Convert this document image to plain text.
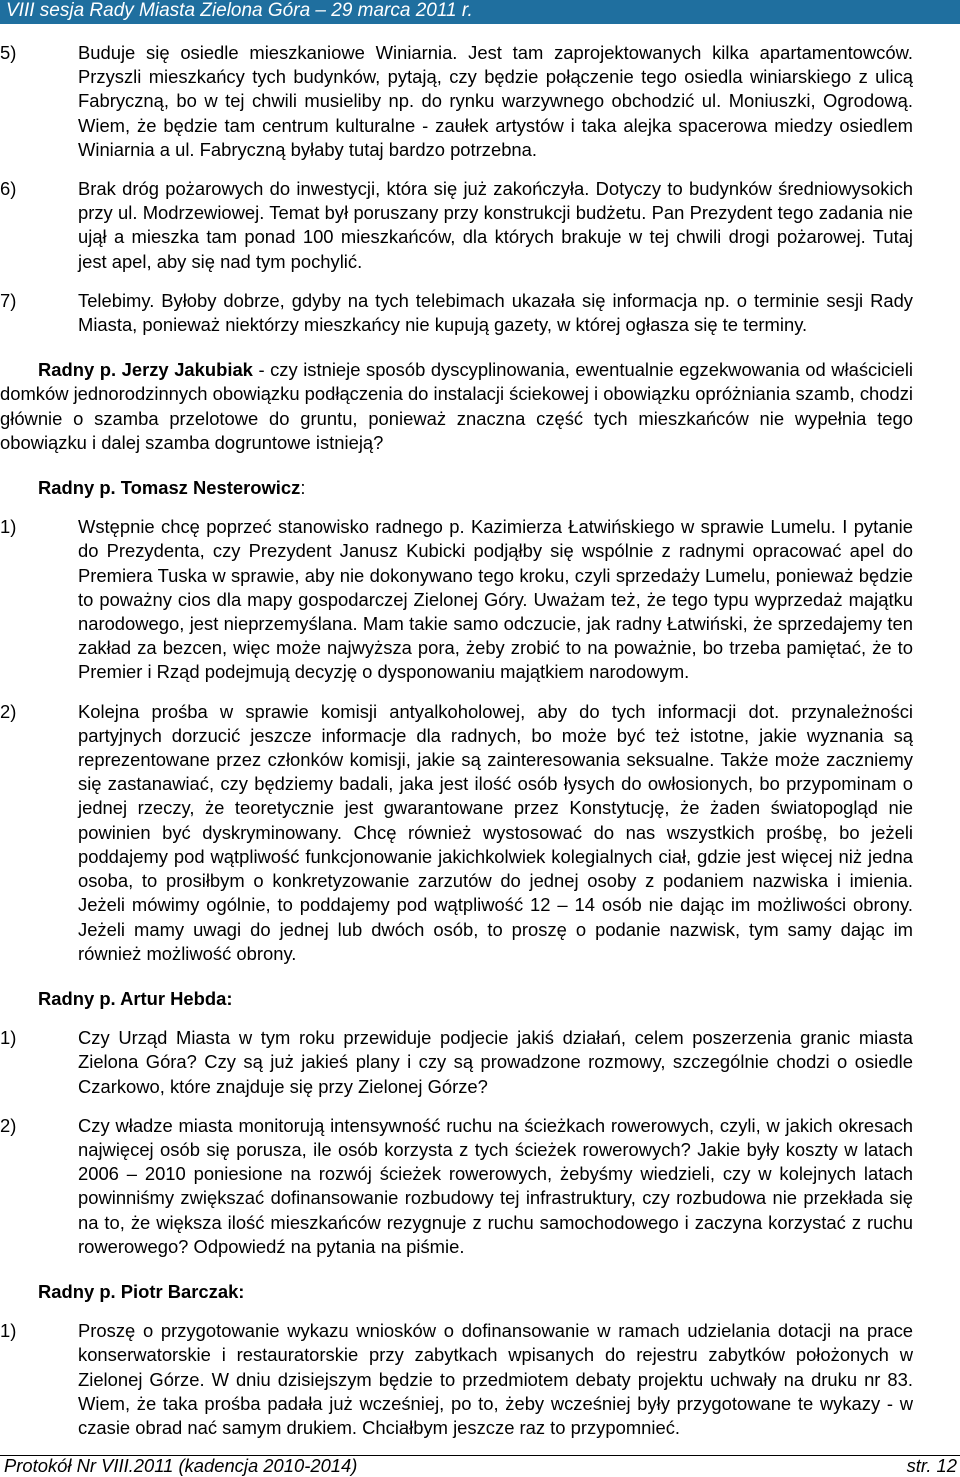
VIII sesja Rady Miasta Zielona Góra – 29 marca 2011 r.
5)	Buduje się osiedle mieszkaniowe Winiarnia. Jest tam zaprojektowanych kilka apartamentowców. Przyszli mieszkańcy tych budynków, pytają, czy będzie połączenie tego osiedla winiarskiego z ulicą Fabryczną, bo w tej chwili musieliby np. do rynku warzywnego obchodzić ul. Moniuszki, Ogrodową. Wiem, że będzie tam centrum kulturalne - zaułek artystów i taka alejka spacerowa miedzy osiedlem Winiarnia a ul. Fabryczną byłaby tutaj bardzo potrzebna.

6)	Brak dróg pożarowych do inwestycji, która się już zakończyła. Dotyczy to budynków średniowysokich przy ul. Modrzewiowej. Temat był poruszany przy konstrukcji budżetu. Pan Prezydent tego zadania nie ujął a mieszka tam ponad 100 mieszkańców, dla których brakuje w tej chwili drogi pożarowej. Tutaj jest apel, aby się nad tym pochylić.

7)	Telebimy. Byłoby dobrze, gdyby na tych telebimach ukazała się informacja np. o terminie sesji Rady Miasta, ponieważ niektórzy mieszkańcy nie kupują gazety, w której ogłasza się te terminy.

Radny p. Jerzy Jakubiak - czy istnieje sposób dyscyplinowania, ewentualnie egzekwowania od właścicieli domków jednorodzinnych obowiązku podłączenia do instalacji ściekowej i obowiązku opróżniania szamb, chodzi głównie o szamba przelotowe do gruntu, ponieważ znaczna część tych mieszkańców nie wypełnia tego obowiązku i dalej szamba dogruntowe istnieją?

Radny p. Tomasz Nesterowicz:

1)	Wstępnie chcę poprzeć stanowisko radnego p. Kazimierza Łatwińskiego w sprawie Lumelu. I pytanie do Prezydenta, czy Prezydent Janusz Kubicki podjąłby się wspólnie z radnymi opracować apel do Premiera Tuska w sprawie, aby nie dokonywano tego kroku, czyli sprzedaży Lumelu, ponieważ będzie to poważny cios dla mapy gospodarczej Zielonej Góry. Uważam też, że tego typu wyprzedaż majątku narodowego, jest nieprzemyślana. Mam takie samo odczucie, jak radny Łatwiński, że sprzedajemy ten zakład za bezcen, więc może najwyższa pora, żeby zrobić to na poważnie, bo trzeba pamiętać, że to Premier i Rząd podejmują decyzję o dysponowaniu majątkiem narodowym.

2)	Kolejna prośba w sprawie komisji antyalkoholowej, aby do tych informacji dot. przynależności partyjnych dorzucić jeszcze informacje dla radnych, bo może być też istotne, jakie wyznania są reprezentowane przez członków komisji, jakie są zainteresowania seksualne. Także może zaczniemy się zastanawiać, czy będziemy badali, jaka jest ilość osób łysych do owłosionych, bo przypominam o jednej rzeczy, że teoretycznie jest gwarantowane przez Konstytucję, że żaden światopogląd nie powinien być dyskryminowany. Chcę również wystosować do nas wszystkich prośbę, bo jeżeli poddajemy pod wątpliwość funkcjonowanie jakichkolwiek kolegialnych ciał, gdzie jest więcej niż jedna osoba, to prosiłbym o konkretyzowanie zarzutów do jednej osoby z podaniem nazwiska i imienia. Jeżeli mówimy ogólnie, to poddajemy pod wątpliwość 12 – 14 osób nie dając im możliwości obrony. Jeżeli mamy uwagi do jednej lub dwóch osób, to proszę o podanie nazwisk, tym samy dając im również możliwość obrony.

Radny p. Artur Hebda:

1)	Czy Urząd Miasta w tym roku przewiduje podjecie jakiś działań, celem poszerzenia granic miasta Zielona Góra? Czy są już jakieś plany i czy są prowadzone rozmowy, szczególnie chodzi o osiedle Czarkowo, które znajduje się przy Zielonej Górze?

2)	Czy władze miasta monitorują intensywność ruchu na ścieżkach rowerowych, czyli, w jakich okresach najwięcej osób się porusza, ile osób korzysta z tych ścieżek rowerowych? Jakie były koszty w latach 2006 – 2010 poniesione na rozwój ścieżek rowerowych, żebyśmy wiedzieli, czy w kolejnych latach powinniśmy zwiększać dofinansowanie rozbudowy tej infrastruktury, czy rozbudowa nie przekłada się na to, że większa ilość mieszkańców rezygnuje z ruchu samochodowego i zaczyna korzystać z ruchu rowerowego? Odpowiedź na pytania na piśmie.

Radny p. Piotr Barczak:

1)	Proszę o przygotowanie wykazu wniosków o dofinansowanie w ramach udzielania dotacji na prace konserwatorskie i restauratorskie przy zabytkach wpisanych do rejestru zabytków położonych w Zielonej Górze. W dniu dzisiejszym będzie to przedmiotem debaty projektu uchwały na druku nr 83. Wiem, że taka prośba padała już wcześniej, po to, żeby wcześniej były przygotowane te wykazy - w czasie obrad nać samym drukiem. Chciałbym jeszcze raz to przypomnieć.

Protokół Nr VIII.2011 (kadencja 2010-2014)	str. 12
